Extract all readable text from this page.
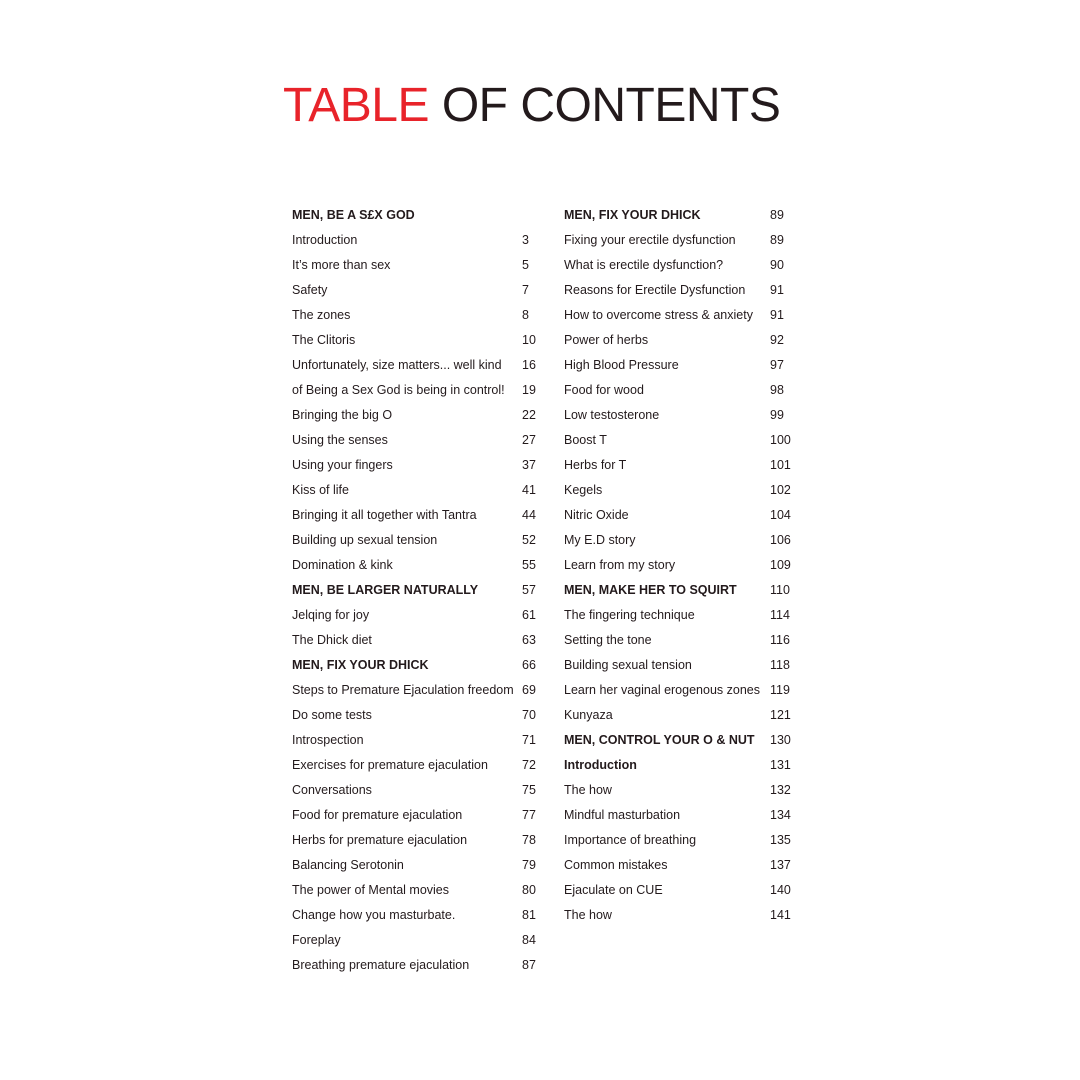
TABLE OF CONTENTS
MEN, BE A S£X GOD
Introduction	3
It’s more than sex	5
Safety	7
The zones	8
The Clitoris	10
Unfortunately, size matters... well kind	16
of Being a Sex God is being in control!	19
Bringing the big O	22
Using the senses	27
Using your fingers	37
Kiss of life	41
Bringing it all together with Tantra	44
Building up sexual tension	52
Domination & kink	55
MEN, BE LARGER NATURALLY	57
Jelqing for joy	61
The Dhick diet	63
MEN, FIX YOUR DHICK	66
Steps to Premature Ejaculation freedom 69
Do some tests	70
Introspection	71
Exercises for premature ejaculation	72
Conversations	75
Food for premature ejaculation	77
Herbs for premature ejaculation	78
Balancing Serotonin	79
The power of Mental movies	80
Change how you masturbate.	81
Foreplay	84
Breathing premature ejaculation	87
MEN, FIX YOUR DHICK	89
Fixing your erectile dysfunction	89
What is erectile dysfunction?	90
Reasons for Erectile Dysfunction	91
How to overcome stress & anxiety	91
Power of herbs	92
High Blood Pressure	97
Food for wood	98
Low testosterone	99
Boost T	100
Herbs for T	101
Kegels	102
Nitric Oxide	104
My E.D story	106
Learn from my story	109
MEN, MAKE HER TO SQUIRT	110
The fingering technique	114
Setting the tone	116
Building sexual tension	118
Learn her vaginal erogenous zones 119
Kunyaza	121
MEN, CONTROL YOUR O & NUT	130
Introduction	131
The how	132
Mindful masturbation	134
Importance of breathing	135
Common mistakes	137
Ejaculate on CUE	140
The how	141
